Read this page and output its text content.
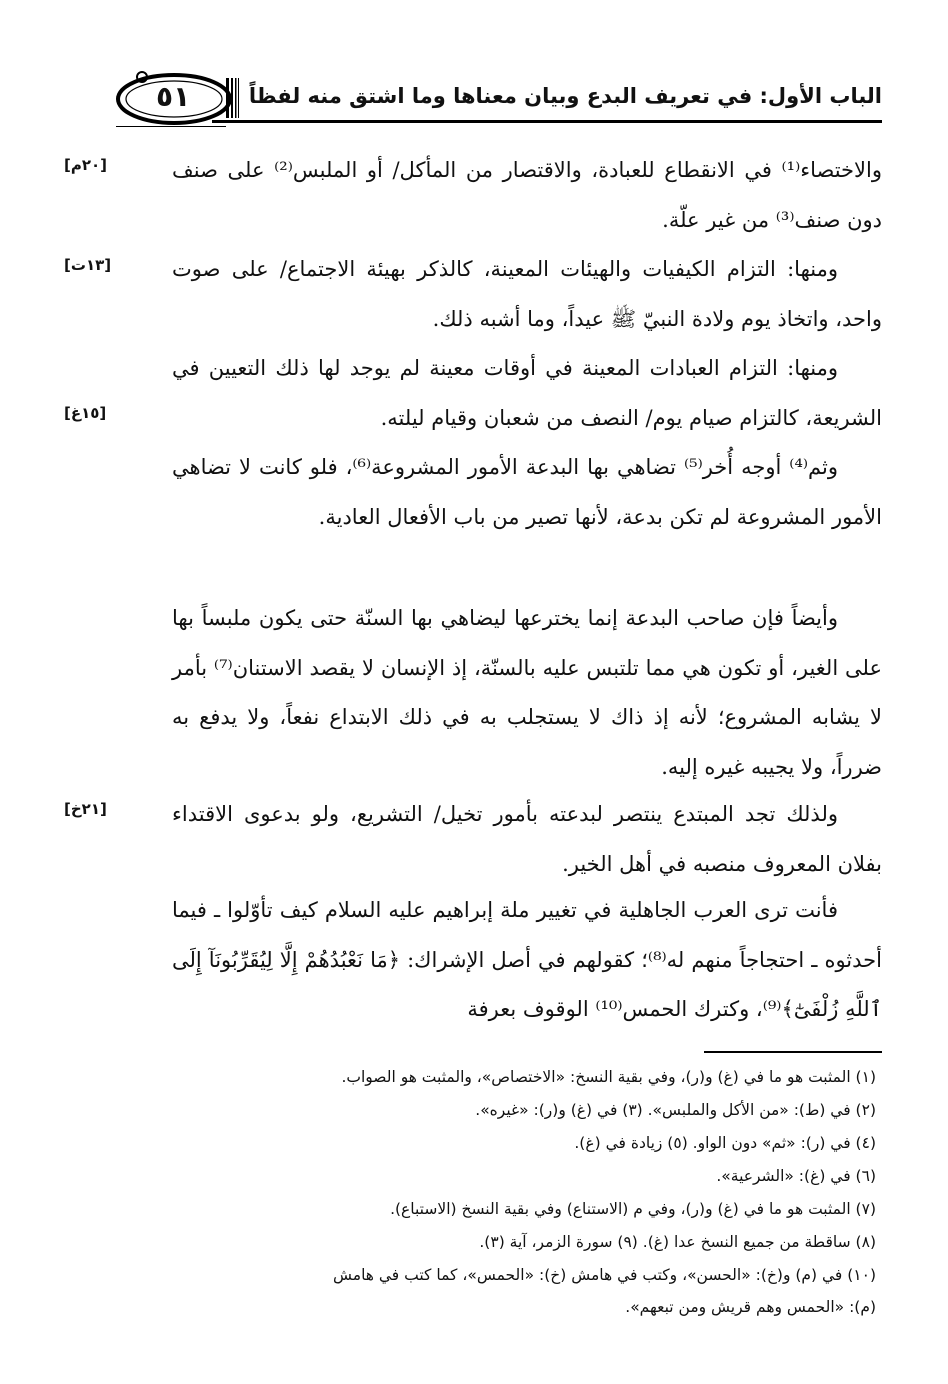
٥١	الباب الأول: في تعريف البدع وبيان معناها وما اشتق منه لفظاً
والاختصاء⁽¹⁾ في الانقطاع للعبادة، والاقتصار من المأكل/ أو الملبس⁽²⁾ على صنف دون صنف⁽³⁾ من غير علّة.
[٢٠م]
ومنها: التزام الكيفيات والهيئات المعينة، كالذكر بهيئة الاجتماع/ على صوت واحد، واتخاذ يوم ولادة النبيّ ﷺ عيداً، وما أشبه ذلك.
[١٣ت]
ومنها: التزام العبادات المعينة في أوقات معينة لم يوجد لها ذلك التعيين في الشريعة، كالتزام صيام يوم/ النصف من شعبان وقيام ليلته.
[١٥غ]
وثم⁽⁴⁾ أوجه أُخر⁽⁵⁾ تضاهي بها البدعة الأمور المشروعة⁽⁶⁾، فلو كانت لا تضاهي الأمور المشروعة لم تكن بدعة، لأنها تصير من باب الأفعال العادية.
وأيضاً فإن صاحب البدعة إنما يخترعها ليضاهي بها السنّة حتى يكون ملبساً بها على الغير، أو تكون هي مما تلتبس عليه بالسنّة، إذ الإنسان لا يقصد الاستنان⁽⁷⁾ بأمر لا يشابه المشروع؛ لأنه إذ ذاك لا يستجلب به في ذلك الابتداع نفعاً، ولا يدفع به ضرراً، ولا يجيبه غيره إليه.
ولذلك تجد المبتدع ينتصر لبدعته بأمور تخيل/ التشريع، ولو بدعوى الاقتداء بفلان المعروف منصبه في أهل الخير.
[٢١خ]
فأنت ترى العرب الجاهلية في تغيير ملة إبراهيم عليه السلام كيف تأوّلوا ـ فيما أحدثوه ـ احتجاجاً منهم له⁽⁸⁾؛ كقولهم في أصل الإشراك: ﴿مَا نَعْبُدُهُمْ إِلَّا لِيُقَرِّبُونَآ إِلَى ٱللَّهِ زُلْفَىٰٓ﴾⁽⁹⁾، وكترك الحمس⁽¹⁰⁾ الوقوف بعرفة
(١) المثبت هو ما في (غ) و(ر)، وفي بقية النسخ: «الاختصاص»، والمثبت هو الصواب.
(٢) في (ط): «من الأكل والملبس». (٣) في (غ) و(ر): «غيره».
(٤) في (ر): «ثم» دون الواو. (٥) زيادة في (غ).
(٦) في (غ): «الشرعية».
(٧) المثبت هو ما في (غ) و(ر)، وفي م (الاستناع) وفي بقية النسخ (الاستباع).
(٨) ساقطة من جميع النسخ عدا (غ). (٩) سورة الزمر، آية (٣).
(١٠) في (م) و(خ): «الحسن»، وكتب في هامش (خ): «الحمس»، كما كتب في هامش
(م): «الحمس وهم قريش ومن تبعهم».
